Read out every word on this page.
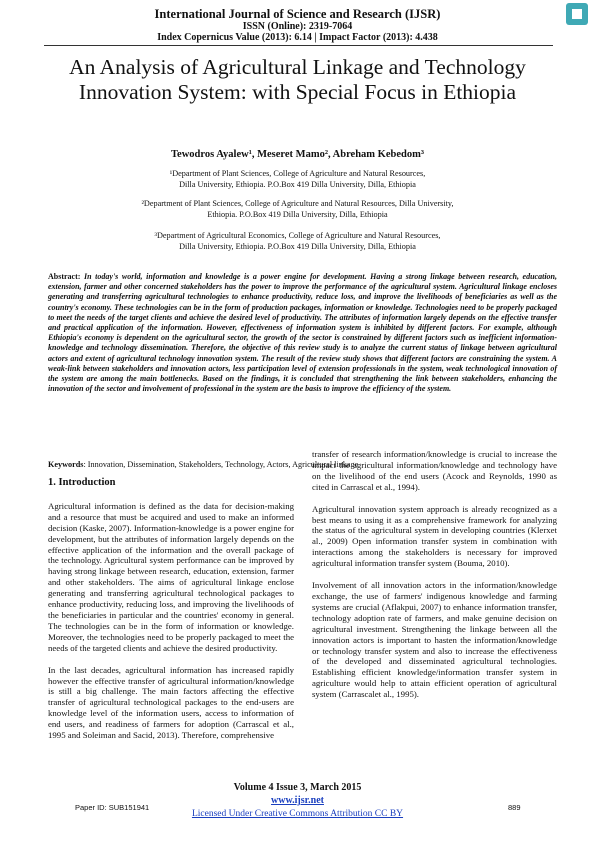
International Journal of Science and Research (IJSR)
ISSN (Online): 2319-7064
Index Copernicus Value (2013): 6.14 | Impact Factor (2013): 4.438
An Analysis of Agricultural Linkage and Technology Innovation System: with Special Focus in Ethiopia
Tewodros Ayalew¹, Meseret Mamo², Abreham Kebedom³
¹Department of Plant Sciences, College of Agriculture and Natural Resources,
Dilla University, Ethiopia. P.O.Box 419 Dilla University, Dilla, Ethiopia
²Department of Plant Sciences, College of Agriculture and Natural Resources, Dilla University,
Ethiopia. P.O.Box 419 Dilla University, Dilla, Ethiopia
³Department of Agricultural Economics, College of Agriculture and Natural Resources,
Dilla University, Ethiopia. P.O.Box 419 Dilla University, Dilla, Ethiopia
Abstract: In today's world, information and knowledge is a power engine for development. Having a strong linkage between research, education, extension, farmer and other concerned stakeholders has the power to improve the performance of the agricultural system. Agricultural linkage encloses generating and transferring agricultural technologies to enhance productivity, reduce loss, and improve the livelihoods of beneficiaries as well as the country's economy. These technologies can be in the form of production packages, information or knowledge. Technologies need to be properly packaged to meet the needs of the target clients and achieve the desired level of productivity. The attributes of information largely depends on the effective transfer and practical application of the information. However, effectiveness of information system is inhibited by different factors. For example, although Ethiopia's economy is dependent on the agricultural sector, the growth of the sector is constrained by different factors such as inefficient information-knowledge and technology dissemination. Therefore, the objective of this review study is to analyze the current status of linkage between agricultural actors and extent of agricultural technology innovation system. The result of the review study shows that different factors are constraining the system. A weak-link between stakeholders and innovation actors, less participation level of extension professionals in the system, weak technological innovation of the system are among the main bottlenecks. Based on the findings, it is concluded that strengthening the link between stakeholders, enhancing the innovation of the sector and involvement of professional in the system are the basis to improve the efficiency of the system.
Keywords: Innovation, Dissemination, Stakeholders, Technology, Actors, Agricultural linkage

1. Introduction

Agricultural information is defined as the data for decision-making and a resource that must be acquired and used to make an informed decision (Kaske, 2007). Information-knowledge is a power engine for development, but the attributes of information largely depends on the effective application of the information and the overall package of the technology. Agricultural system performance can be improved by having strong linkage between research, education, extension, farmer and other stakeholders. The aims of agricultural linkage enclose generating and transferring agricultural technological packages to enhance productivity, reducing loss, and improving the livelihoods of the beneficiaries in particular and the countries' economy in general. The technologies can be in the form of information or knowledge. Moreover, the technologies need to be properly packaged to meet the needs of the targeted clients and achieve the desired productivity.

In the last decades, agricultural information has increased rapidly however the effective transfer of agricultural information/knowledge is still a big challenge. The main factors affecting the effective transfer of agricultural technological packages to the end-users are knowledge level of the information users, access to information of end users, and readiness of farmers for adoption (Carrascal et al., 1995 and Soleiman and Sacid, 2013). Therefore, comprehensive

transfer of research information/knowledge is crucial to increase the impact the agricultural information/knowledge and technology have on the livelihood of the end users (Acock and Reynolds, 1990 as cited in Carrascal et al., 1994).

Agricultural innovation system approach is already recognized as a best means to using it as a comprehensive framework for analyzing the status of the agricultural system in developing countries (Klerxet al., 2009) Open information transfer system in combination with interactions among the stakeholders is necessary for improved agricultural information transfer system (Bouma, 2010).

Involvement of all innovation actors in the information/knowledge exchange, the use of farmers' indigenous knowledge and farming systems are crucial (Aflakpui, 2007) to enhance information transfer, technology adoption rate of farmers, and make genuine decision on agricultural investment. Strengthening the linkage between all the innovation actors is important to hasten the information/knowledge or technology transfer system and also to increase the effectiveness of the developed and disseminated agricultural technologies. Establishing efficient knowledge/information transfer system in agriculture would help to attain efficient operation of agricultural system (Carrascalet al., 1995).

Volume 4 Issue 3, March 2015
www.ijsr.net
Licensed Under Creative Commons Attribution CC BY
Paper ID: SUB151941	889
